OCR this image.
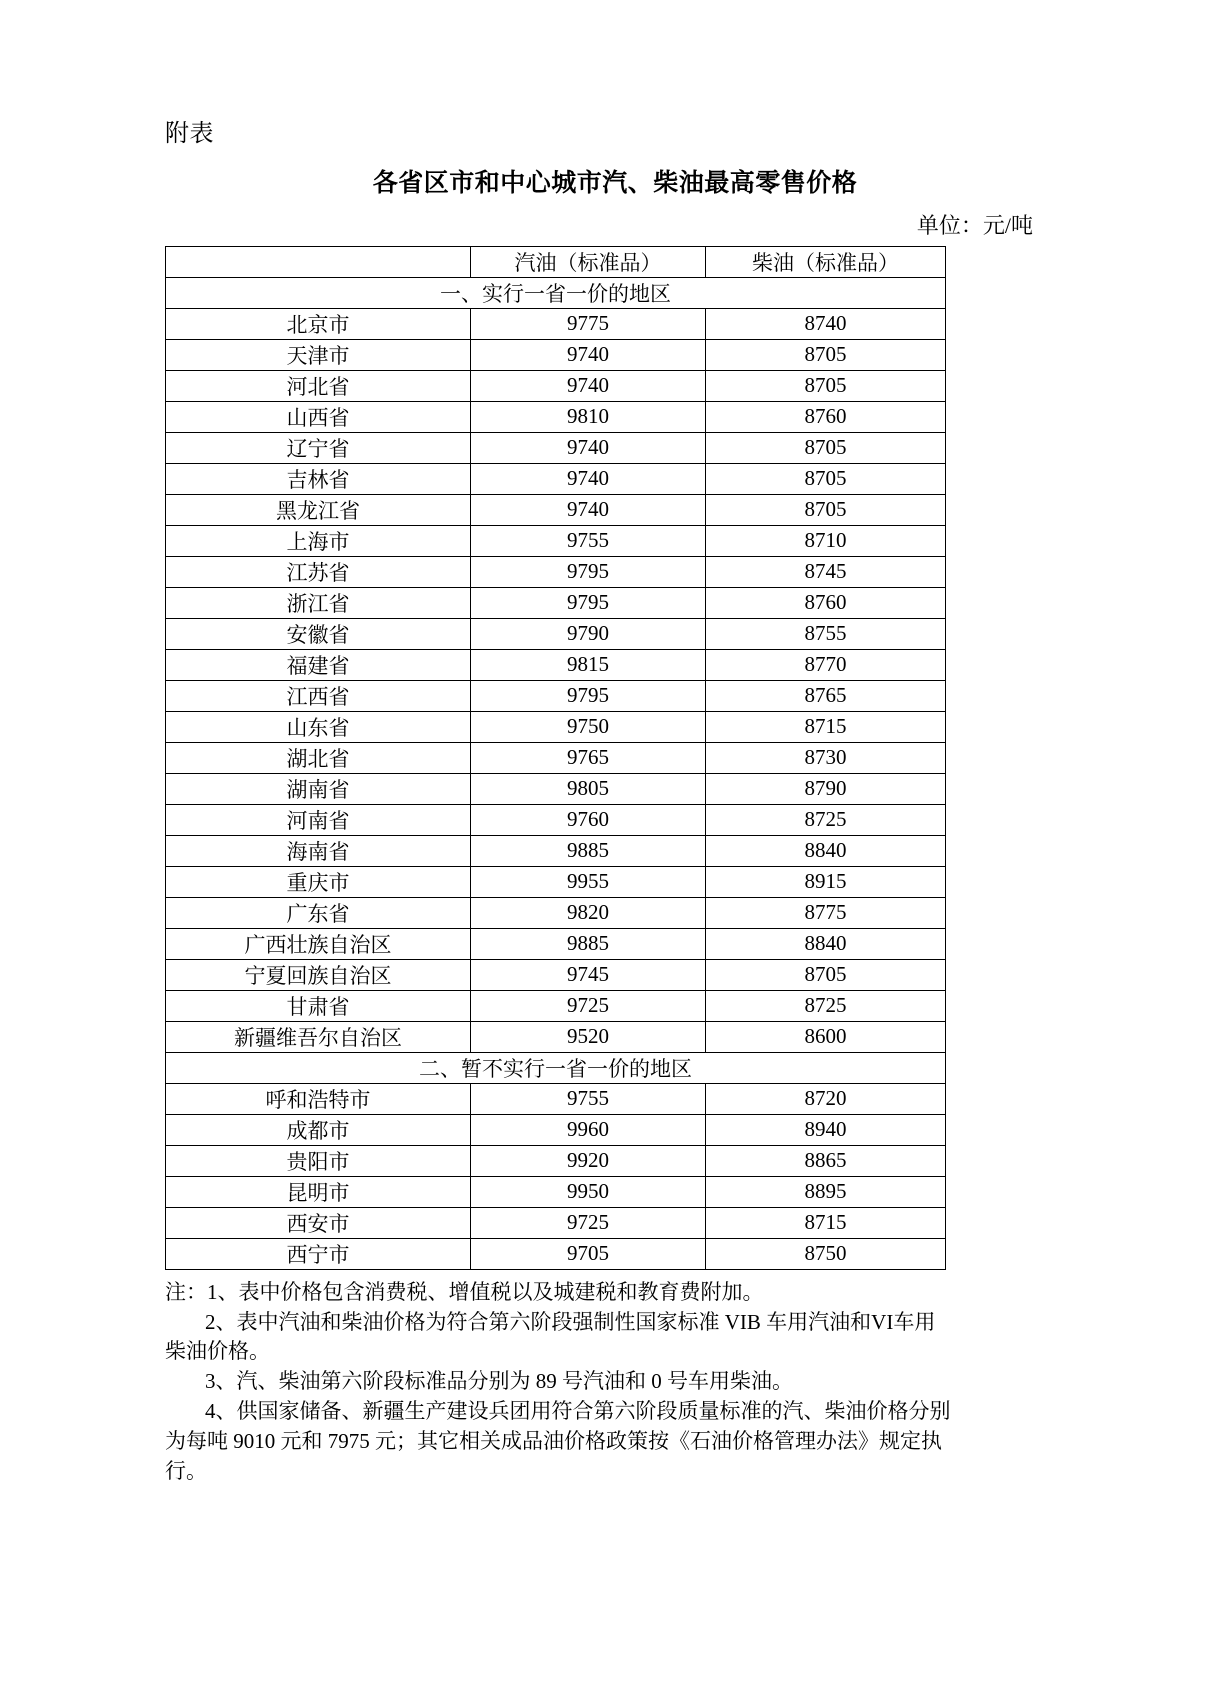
附表
各省区市和中心城市汽、柴油最高零售价格
单位：元/吨
	汽油（标准品）	柴油（标准品）
一、实行一省一价的地区		
北京市	9775	8740
天津市	9740	8705
河北省	9740	8705
山西省	9810	8760
辽宁省	9740	8705
吉林省	9740	8705
黑龙江省	9740	8705
上海市	9755	8710
江苏省	9795	8745
浙江省	9795	8760
安徽省	9790	8755
福建省	9815	8770
江西省	9795	8765
山东省	9750	8715
湖北省	9765	8730
湖南省	9805	8790
河南省	9760	8725
海南省	9885	8840
重庆市	9955	8915
广东省	9820	8775
广西壮族自治区	9885	8840
宁夏回族自治区	9745	8705
甘肃省	9725	8725
新疆维吾尔自治区	9520	8600
二、暂不实行一省一价的地区		
呼和浩特市	9755	8720
成都市	9960	8940
贵阳市	9920	8865
昆明市	9950	8895
西安市	9725	8715
西宁市	9705	8750

注：1、表中价格包含消费税、增值税以及城建税和教育费附加。

2、表中汽油和柴油价格为符合第六阶段强制性国家标准 VIB 车用汽油和VI车用柴油价格。

3、汽、柴油第六阶段标准品分别为 89 号汽油和 0 号车用柴油。

4、供国家储备、新疆生产建设兵团用符合第六阶段质量标准的汽、柴油价格分别为每吨 9010 元和 7975 元；其它相关成品油价格政策按《石油价格管理办法》规定执行。
